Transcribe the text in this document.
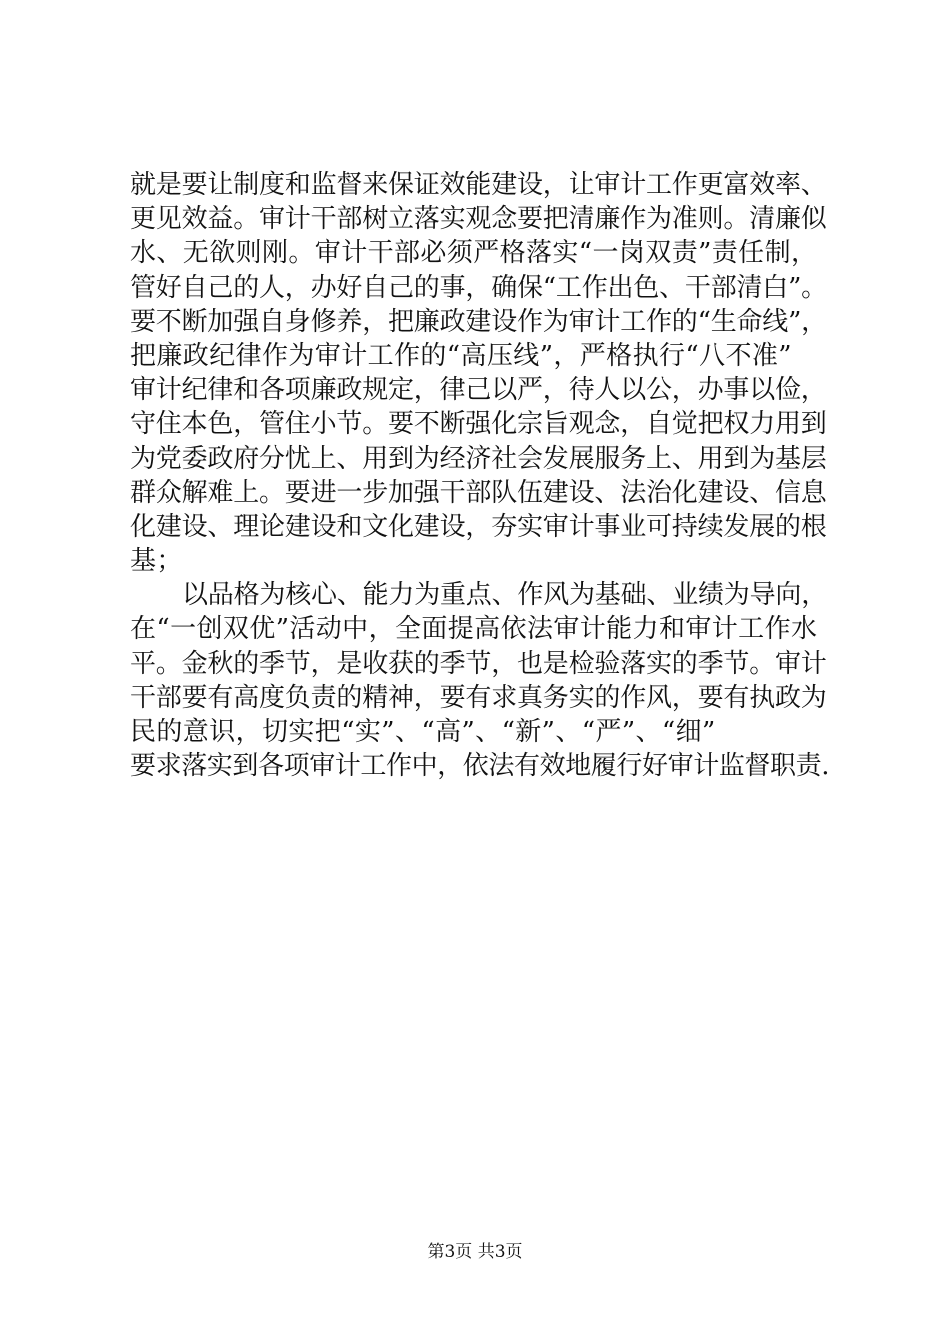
就是要让制度和监督来保证效能建设，让审计工作更富效率、
更见效益。审计干部树立落实观念要把清廉作为准则。清廉似
水、无欲则刚。审计干部必须严格落实“一岗双责”责任制，
管好自己的人，办好自己的事，确保“工作出色、干部清白”。
要不断加强自身修养，把廉政建设作为审计工作的“生命线”，
把廉政纪律作为审计工作的“高压线”，严格执行“八不准”
审计纪律和各项廉政规定，律己以严，待人以公，办事以俭，
守住本色，管住小节。要不断强化宗旨观念，自觉把权力用到
为党委政府分忧上、用到为经济社会发展服务上、用到为基层
群众解难上。要进一步加强干部队伍建设、法治化建设、信息
化建设、理论建设和文化建设，夯实审计事业可持续发展的根
基；
以品格为核心、能力为重点、作风为基础、业绩为导向，
在“一创双优”活动中，全面提高依法审计能力和审计工作水
平。金秋的季节，是收获的季节，也是检验落实的季节。审计
干部要有高度负责的精神，要有求真务实的作风，要有执政为
民的意识，切实把“实”、“高”、“新”、“严”、“细”
要求落实到各项审计工作中，依法有效地履行好审计监督职责.
第3页 共3页
